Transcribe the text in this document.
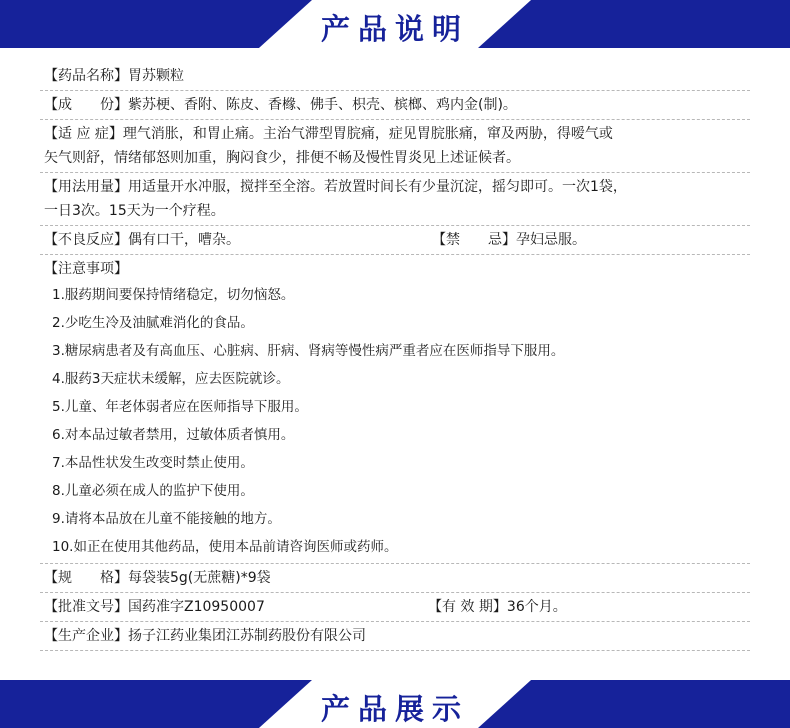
产品说明
【药品名称】胃苏颗粒
【成　　份】紫苏梗、香附、陈皮、香橼、佛手、枳壳、槟榔、鸡内金(制)。
【适 应 症】理气消胀，和胃止痛。主治气滞型胃脘痛，症见胃脘胀痛，窜及两胁，得嗳气或
矢气则舒，情绪郁怒则加重，胸闷食少，排便不畅及慢性胃炎见上述证候者。
【用法用量】用适量开水冲服，搅拌至全溶。若放置时间长有少量沉淀，摇匀即可。一次1袋，
一日3次。15天为一个疗程。
【不良反应】偶有口干，嘈杂。	【禁　　忌】孕妇忌服。
【注意事项】
1.服药期间要保持情绪稳定，切勿恼怒。
2.少吃生冷及油腻难消化的食品。
3.糖尿病患者及有高血压、心脏病、肝病、肾病等慢性病严重者应在医师指导下服用。
4.服药3天症状未缓解，应去医院就诊。
5.儿童、年老体弱者应在医师指导下服用。
6.对本品过敏者禁用，过敏体质者慎用。
7.本品性状发生改变时禁止使用。
8.儿童必须在成人的监护下使用。
9.请将本品放在儿童不能接触的地方。
10.如正在使用其他药品，使用本品前请咨询医师或药师。
【规　　格】每袋装5g(无蔗糖)*9袋
【批准文号】国药准字Z10950007	【有 效 期】36个月。
【生产企业】扬子江药业集团江苏制药股份有限公司
产品展示
